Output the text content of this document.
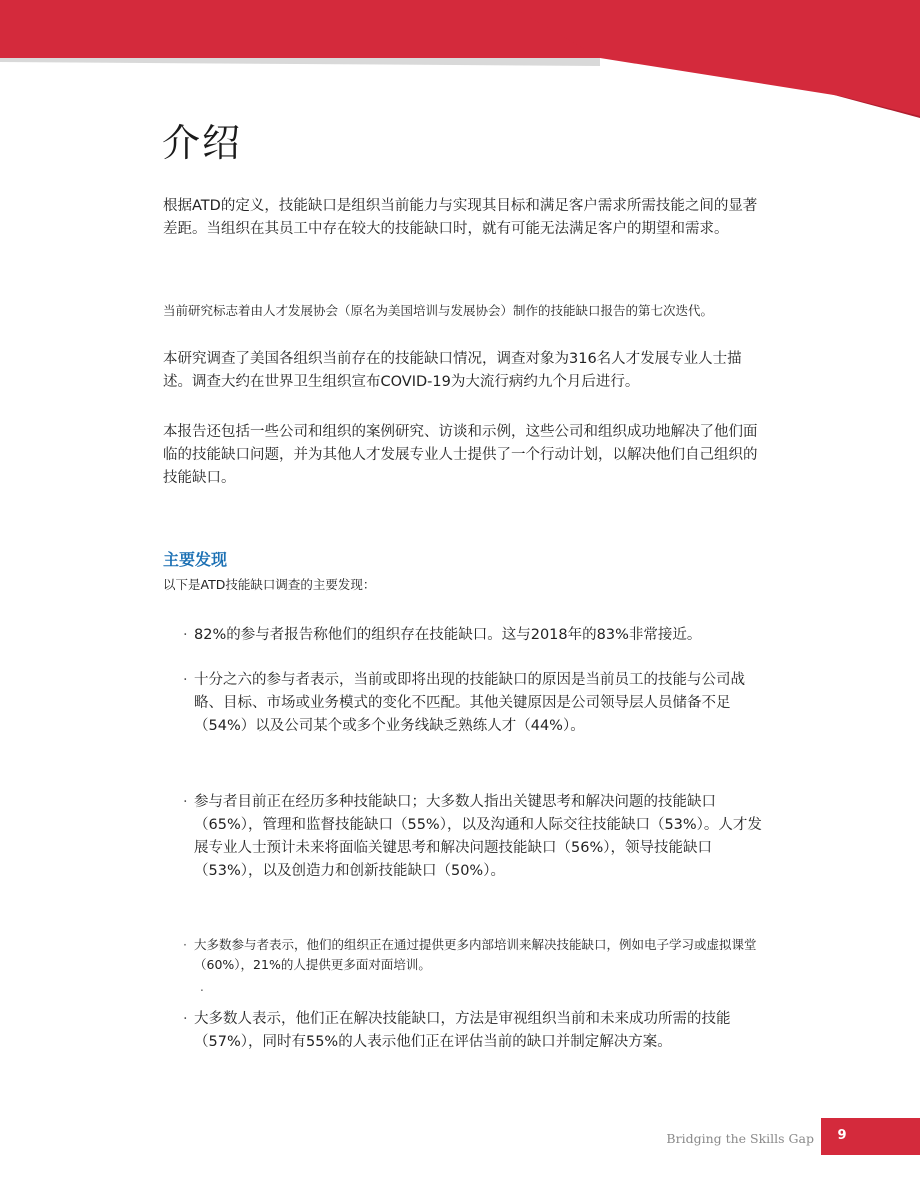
介绍

根据ATD的定义，技能缺口是组织当前能力与实现其目标和满足客户需求所需技能之间的显著差距。当组织在其员工中存在较大的技能缺口时，就有可能无法满足客户的期望和需求。

当前研究标志着由人才发展协会（原名为美国培训与发展协会）制作的技能缺口报告的第七次迭代。

本研究调查了美国各组织当前存在的技能缺口情况，调查对象为316名人才发展专业人士描述。调查大约在世界卫生组织宣布COVID-19为大流行病约九个月后进行。

本报告还包括一些公司和组织的案例研究、访谈和示例，这些公司和组织成功地解决了他们面临的技能缺口问题，并为其他人才发展专业人士提供了一个行动计划，以解决他们自己组织的技能缺口。

主要发现

以下是ATD技能缺口调查的主要发现：

· 82%的参与者报告称他们的组织存在技能缺口。这与2018年的83%非常接近。
· 十分之六的参与者表示，当前或即将出现的技能缺口的原因是当前员工的技能与公司战略、目标、市场或业务模式的变化不匹配。其他关键原因是公司领导层人员储备不足（54%）以及公司某个或多个业务线缺乏熟练人才（44%）。
· 参与者目前正在经历多种技能缺口；大多数人指出关键思考和解决问题的技能缺口（65%），管理和监督技能缺口（55%），以及沟通和人际交往技能缺口（53%）。人才发展专业人士预计未来将面临关键思考和解决问题技能缺口（56%），领导技能缺口（53%），以及创造力和创新技能缺口（50%）。
· 大多数参与者表示，他们的组织正在通过提供更多内部培训来解决技能缺口，例如电子学习或虚拟课堂（60%），21%的人提供更多面对面培训。
.
· 大多数人表示，他们正在解决技能缺口，方法是审视组织当前和未来成功所需的技能（57%），同时有55%的人表示他们正在评估当前的缺口并制定解决方案。
Bridging the Skills Gap	9
